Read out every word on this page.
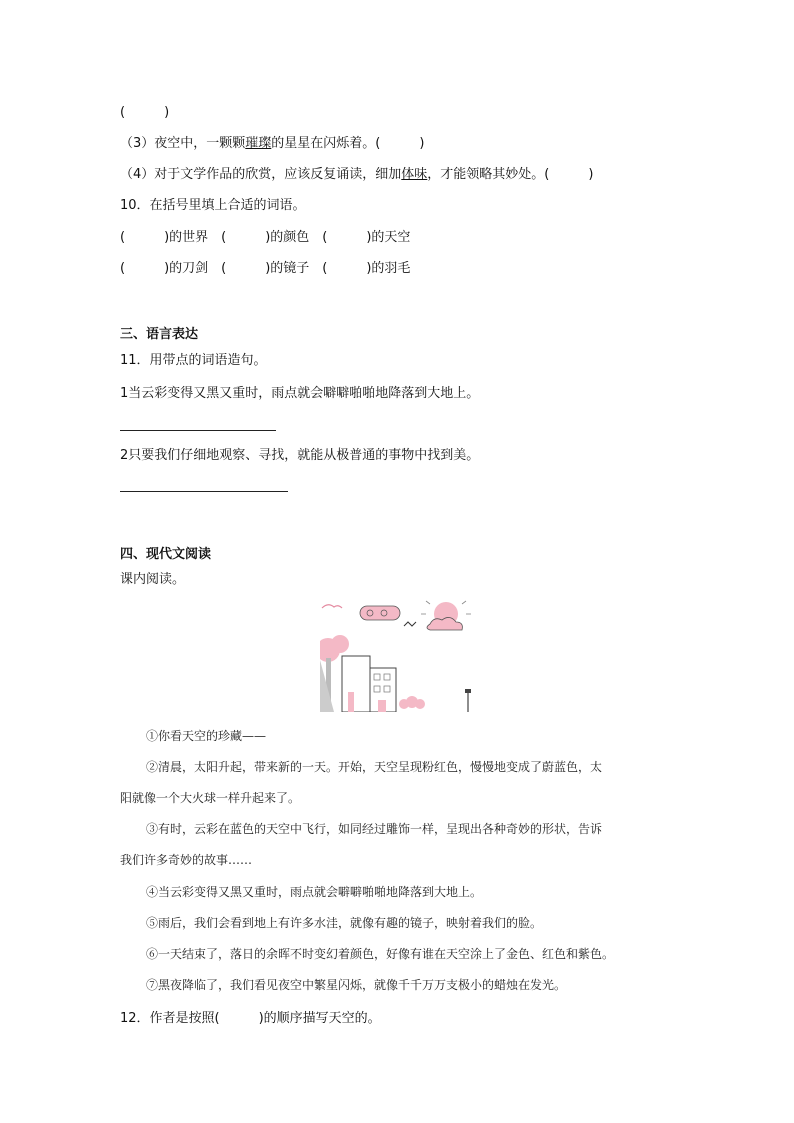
(　　　)
（3）夜空中，一颗颗璀璨的星星在闪烁着。(　　　)
（4）对于文学作品的欣赏，应该反复诵读，细加体味，才能领略其妙处。(　　　)
10．在括号里填上合适的词语。
(　　　)的世界　(　　　)的颜色　(　　　)的天空
(　　　)的刀剑　(　　　)的镜子　(　　　)的羽毛
三、语言表达
11．用带点的词语造句。
1当云彩变得又黑又重时，雨点就会噼噼啪啪地降落到大地上。
2只要我们仔细地观察、寻找，就能从极普通的事物中找到美。
四、现代文阅读
课内阅读。
①你看天空的珍藏——
②清晨，太阳升起，带来新的一天。开始，天空呈现粉红色，慢慢地变成了蔚蓝色，太
阳就像一个大火球一样升起来了。
③有时，云彩在蓝色的天空中飞行，如同经过雕饰一样，呈现出各种奇妙的形状，告诉
我们许多奇妙的故事……
④当云彩变得又黑又重时，雨点就会噼噼啪啪地降落到大地上。
⑤雨后，我们会看到地上有许多水洼，就像有趣的镜子，映射着我们的脸。
⑥一天结束了，落日的余晖不时变幻着颜色，好像有谁在天空涂上了金色、红色和紫色。
⑦黑夜降临了，我们看见夜空中繁星闪烁，就像千千万万支极小的蜡烛在发光。
12．作者是按照(　　　)的顺序描写天空的。
